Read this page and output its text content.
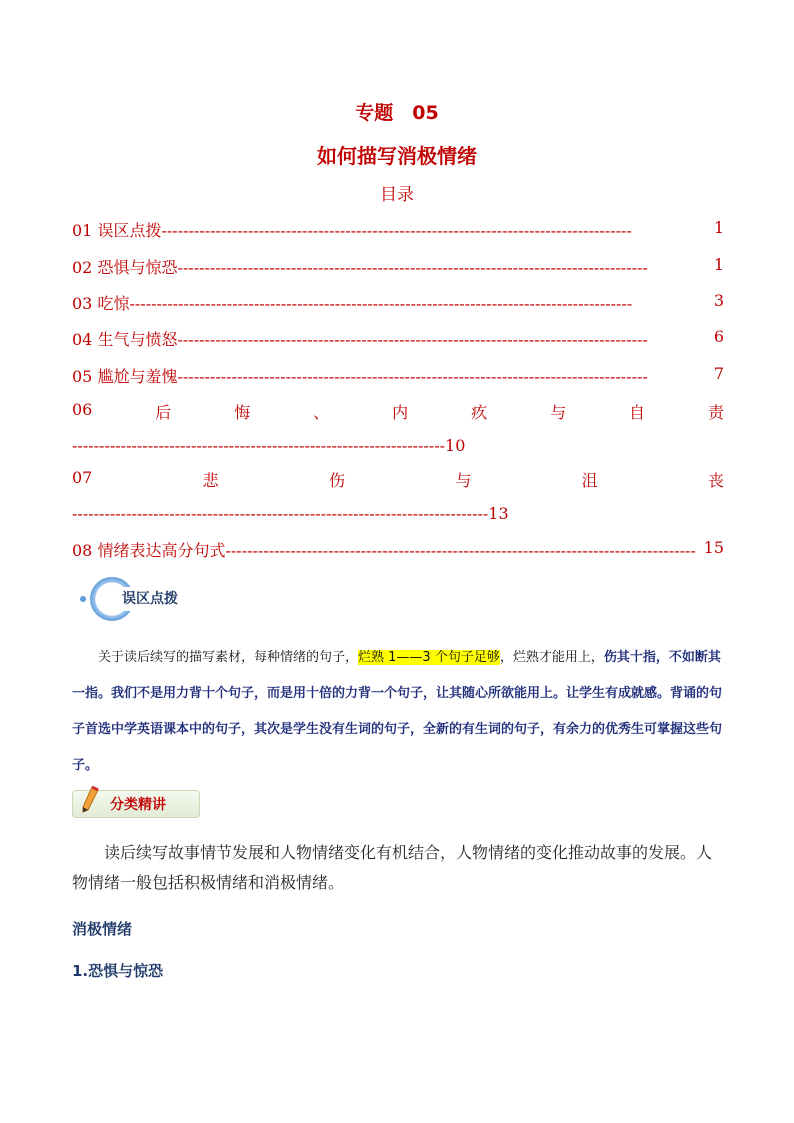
专题　05
如何描写消极情绪
目录
01 误区点拨---------------------------------------------------------------------------------------	1
02 恐惧与惊恐---------------------------------------------------------------------------------------	1
03 吃惊---------------------------------------------------------------------------------------------	3
04 生气与愤怒---------------------------------------------------------------------------------------	6
05 尴尬与羞愧---------------------------------------------------------------------------------------	7
06	后	悔	、	内	疚	与	自	责
---------------------------------------------------------------------10
07	悲	伤	与	沮	丧
-----------------------------------------------------------------------------13
08 情绪表达高分句式--------------------------------------------------------------------------------------- 15
误区点拨
关于读后续写的描写素材，每种情绪的句子，烂熟 1——3 个句子足够，烂熟才能用上，伤其十指，不如断其一指。我们不是用力背十个句子，而是用十倍的力背一个句子，让其随心所欲能用上。让学生有成就感。背诵的句子首选中学英语课本中的句子，其次是学生没有生词的句子，全新的有生词的句子，有余力的优秀生可掌握这些句子。
分类精讲
读后续写故事情节发展和人物情绪变化有机结合，人物情绪的变化推动故事的发展。人物情绪一般包括积极情绪和消极情绪。
消极情绪
1.恐惧与惊恐
